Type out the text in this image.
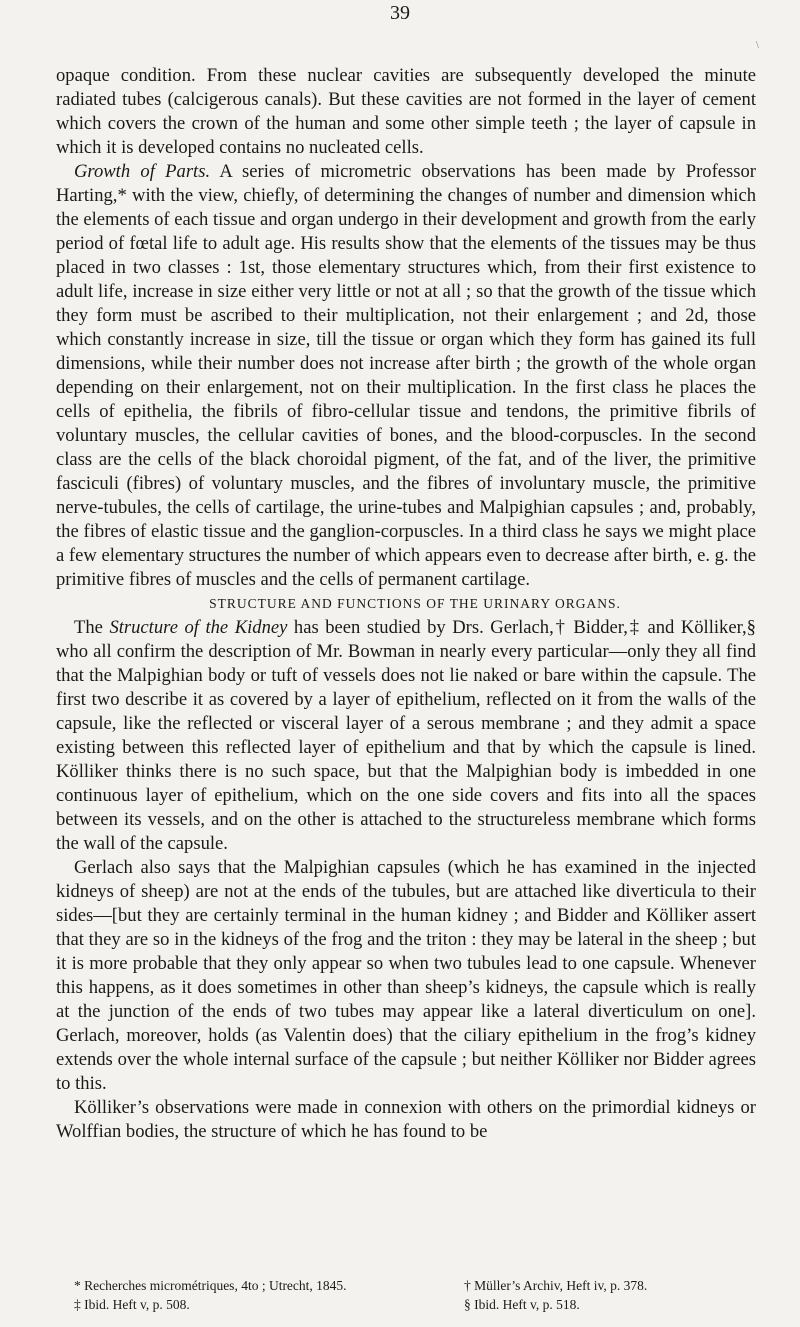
39
\

opaque condition. From these nuclear cavities are subsequently developed the minute radiated tubes (calcigerous canals). But these cavities are not formed in the layer of cement which covers the crown of the human and some other simple teeth ; the layer of capsule in which it is developed contains no nucleated cells.

Growth of Parts. A series of micrometric observations has been made by Professor Harting,* with the view, chiefly, of determining the changes of number and dimension which the elements of each tissue and organ undergo in their development and growth from the early period of fœtal life to adult age. His results show that the elements of the tissues may be thus placed in two classes : 1st, those elementary structures which, from their first existence to adult life, increase in size either very little or not at all ; so that the growth of the tissue which they form must be ascribed to their multiplication, not their enlargement ; and 2d, those which constantly increase in size, till the tissue or organ which they form has gained its full dimensions, while their number does not increase after birth ; the growth of the whole organ depending on their enlargement, not on their multiplication. In the first class he places the cells of epithelia, the fibrils of fibro-cellular tissue and tendons, the primitive fibrils of voluntary muscles, the cellular cavities of bones, and the blood-corpuscles. In the second class are the cells of the black choroidal pigment, of the fat, and of the liver, the primitive fasciculi (fibres) of voluntary muscles, and the fibres of involuntary muscle, the primitive nerve-tubules, the cells of cartilage, the urine-tubes and Malpighian capsules ; and, probably, the fibres of elastic tissue and the ganglion-corpuscles. In a third class he says we might place a few elementary structures the number of which appears even to decrease after birth, e. g. the primitive fibres of muscles and the cells of permanent cartilage.

STRUCTURE AND FUNCTIONS OF THE URINARY ORGANS.

The Structure of the Kidney has been studied by Drs. Gerlach,† Bidder,‡ and Kölliker,§ who all confirm the description of Mr. Bowman in nearly every particular—only they all find that the Malpighian body or tuft of vessels does not lie naked or bare within the capsule. The first two describe it as covered by a layer of epithelium, reflected on it from the walls of the capsule, like the reflected or visceral layer of a serous membrane ; and they admit a space existing between this reflected layer of epithelium and that by which the capsule is lined. Kölliker thinks there is no such space, but that the Malpighian body is imbedded in one continuous layer of epithelium, which on the one side covers and fits into all the spaces between its vessels, and on the other is attached to the structureless membrane which forms the wall of the capsule.

Gerlach also says that the Malpighian capsules (which he has examined in the injected kidneys of sheep) are not at the ends of the tubules, but are attached like diverticula to their sides—[but they are certainly terminal in the human kidney ; and Bidder and Kölliker assert that they are so in the kidneys of the frog and the triton : they may be lateral in the sheep ; but it is more probable that they only appear so when two tubules lead to one capsule. Whenever this happens, as it does sometimes in other than sheep’s kidneys, the capsule which is really at the junction of the ends of two tubes may appear like a lateral diverticulum on one]. Gerlach, moreover, holds (as Valentin does) that the ciliary epithelium in the frog’s kidney extends over the whole internal surface of the capsule ; but neither Kölliker nor Bidder agrees to this.

Kölliker’s observations were made in connexion with others on the primordial kidneys or Wolffian bodies, the structure of which he has found to be

* Recherches micrométriques, 4to ; Utrecht, 1845.	† Müller’s Archiv, Heft iv, p. 378.
‡ Ibid. Heft v, p. 508.	§ Ibid. Heft v, p. 518.
